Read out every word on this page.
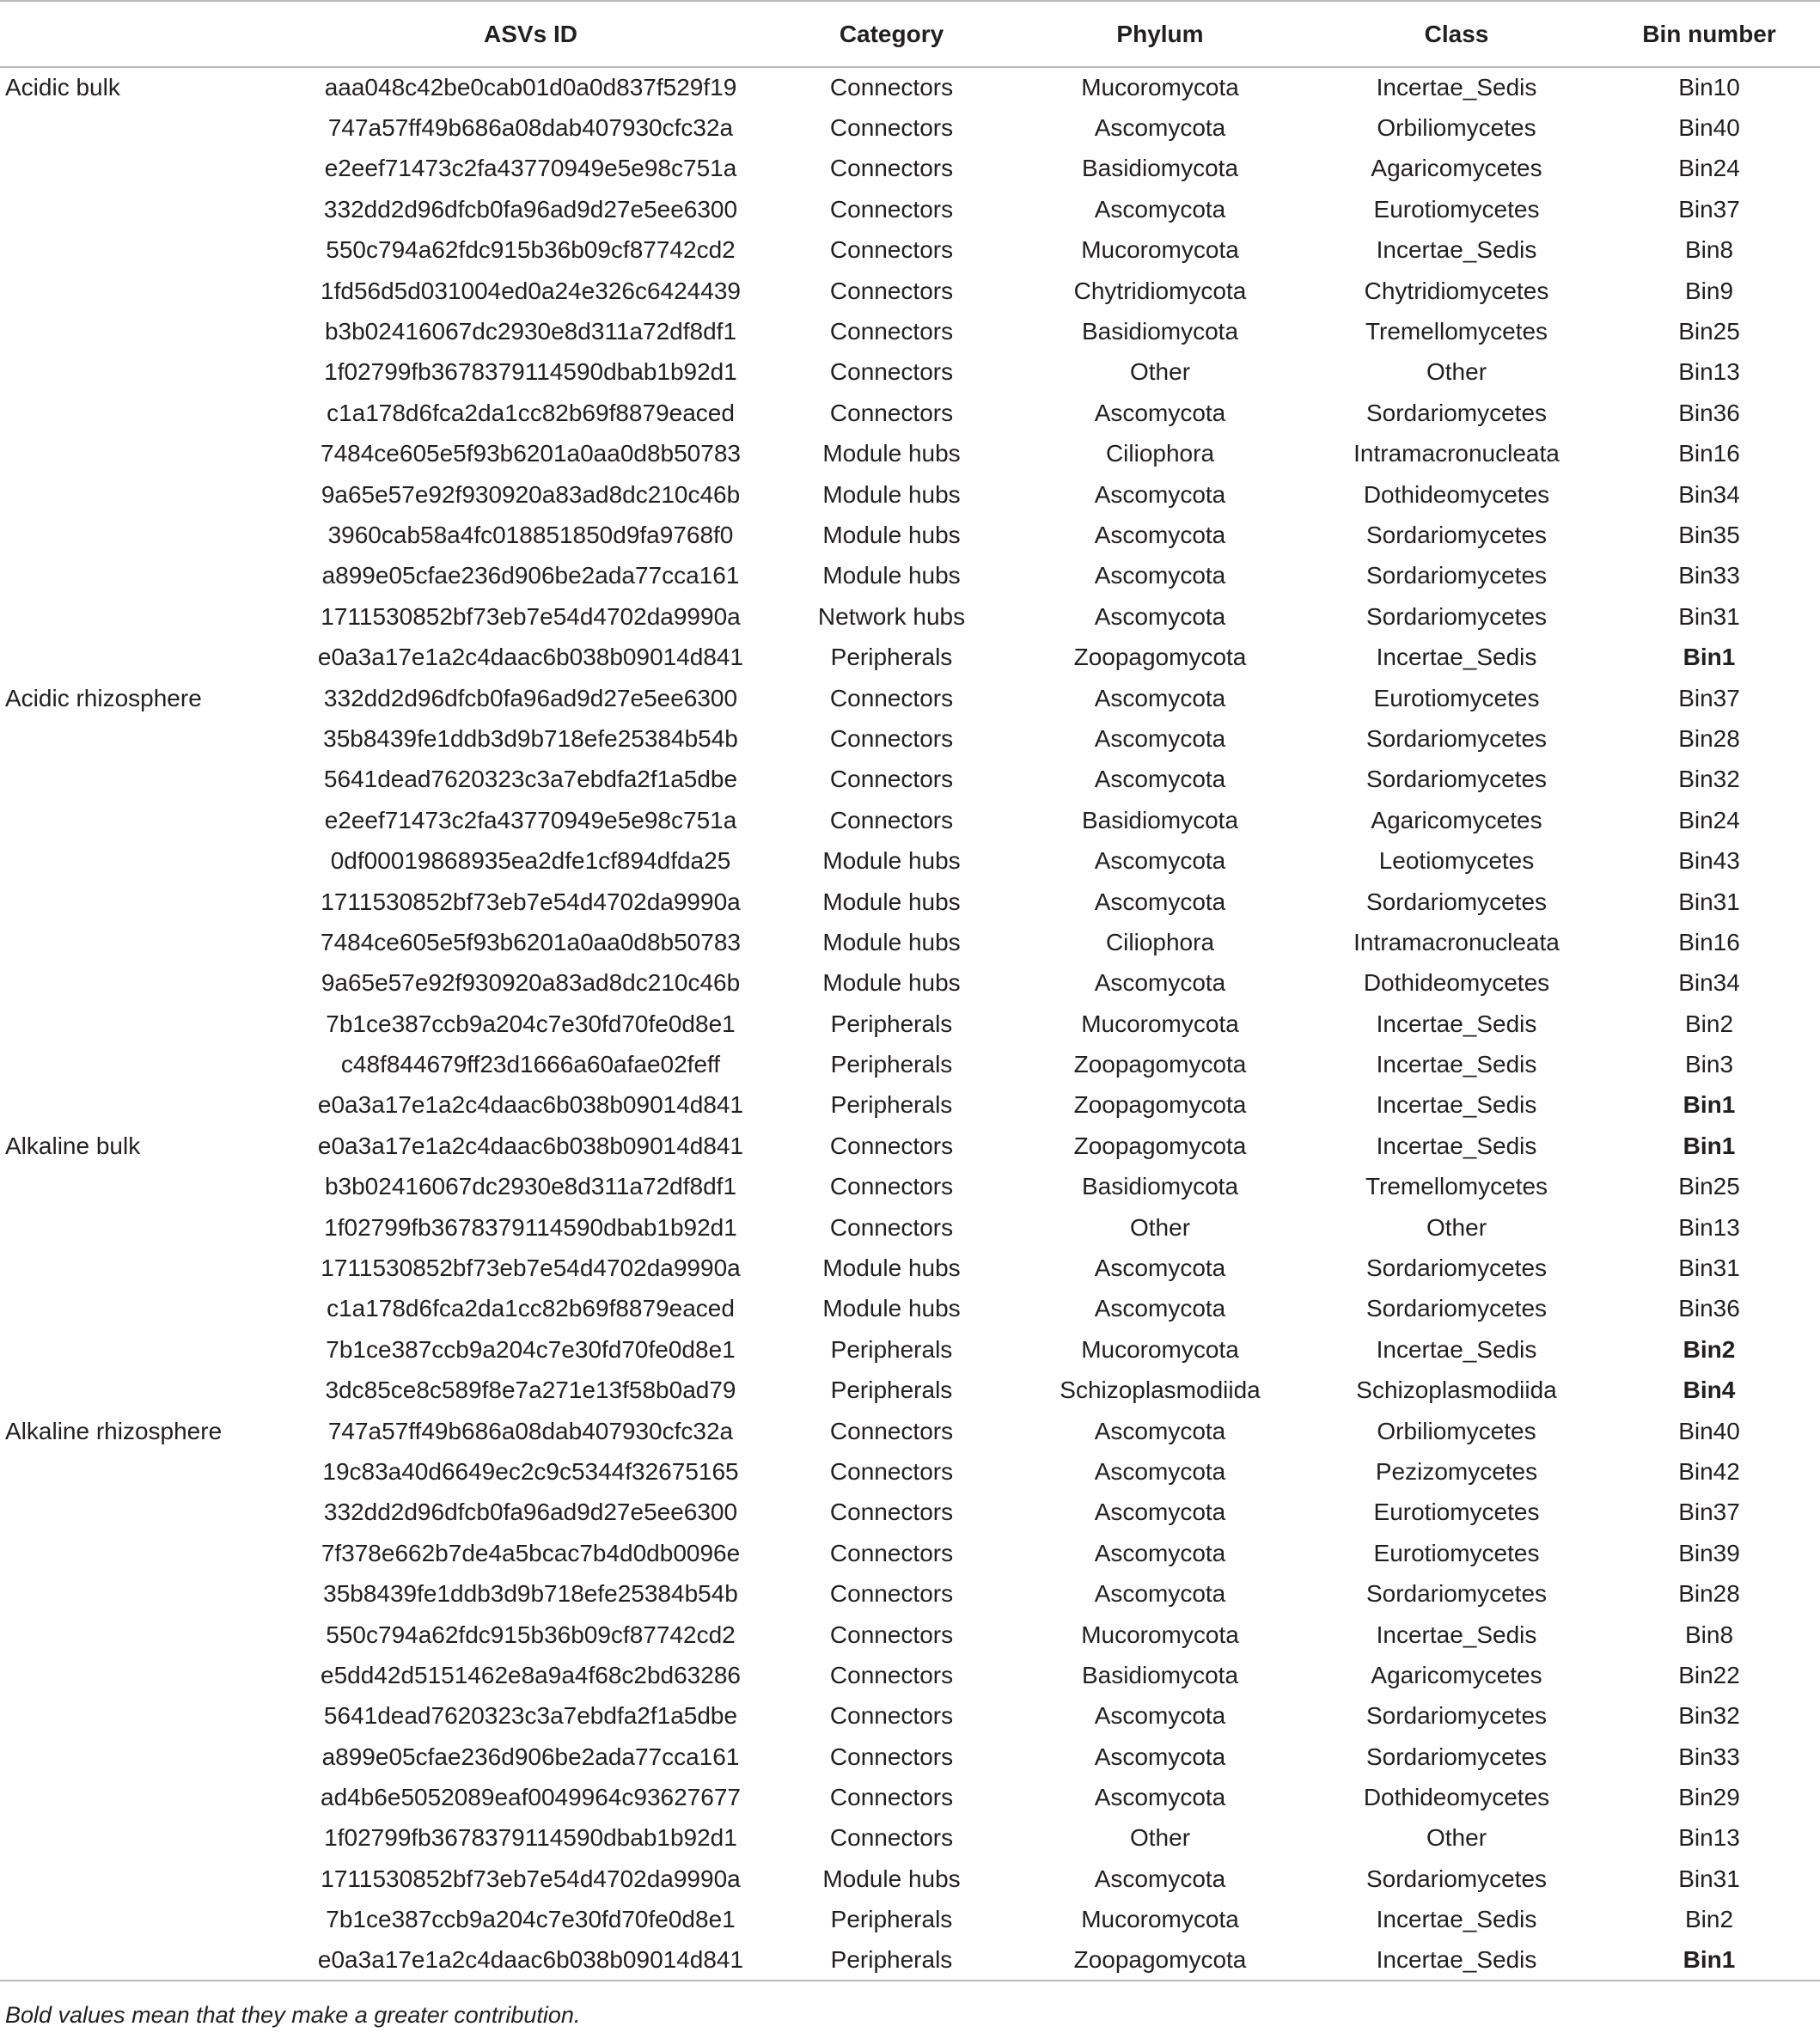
	ASVs ID	Category	Phylum	Class	Bin number
Acidic bulk	aaa048c42be0cab01d0a0d837f529f19	Connectors	Mucoromycota	Incertae_Sedis	Bin10
	747a57ff49b686a08dab407930cfc32a	Connectors	Ascomycota	Orbiliomycetes	Bin40
	e2eef71473c2fa43770949e5e98c751a	Connectors	Basidiomycota	Agaricomycetes	Bin24
	332dd2d96dfcb0fa96ad9d27e5ee6300	Connectors	Ascomycota	Eurotiomycetes	Bin37
	550c794a62fdc915b36b09cf87742cd2	Connectors	Mucoromycota	Incertae_Sedis	Bin8
	1fd56d5d031004ed0a24e326c6424439	Connectors	Chytridiomycota	Chytridiomycetes	Bin9
	b3b02416067dc2930e8d311a72df8df1	Connectors	Basidiomycota	Tremellomycetes	Bin25
	1f02799fb3678379114590dbab1b92d1	Connectors	Other	Other	Bin13
	c1a178d6fca2da1cc82b69f8879eaced	Connectors	Ascomycota	Sordariomycetes	Bin36
	7484ce605e5f93b6201a0aa0d8b50783	Module hubs	Ciliophora	Intramacronucleata	Bin16
	9a65e57e92f930920a83ad8dc210c46b	Module hubs	Ascomycota	Dothideomycetes	Bin34
	3960cab58a4fc018851850d9fa9768f0	Module hubs	Ascomycota	Sordariomycetes	Bin35
	a899e05cfae236d906be2ada77cca161	Module hubs	Ascomycota	Sordariomycetes	Bin33
	1711530852bf73eb7e54d4702da9990a	Network hubs	Ascomycota	Sordariomycetes	Bin31
	e0a3a17e1a2c4daac6b038b09014d841	Peripherals	Zoopagomycota	Incertae_Sedis	Bin1
Acidic rhizosphere	332dd2d96dfcb0fa96ad9d27e5ee6300	Connectors	Ascomycota	Eurotiomycetes	Bin37
	35b8439fe1ddb3d9b718efe25384b54b	Connectors	Ascomycota	Sordariomycetes	Bin28
	5641dead7620323c3a7ebdfa2f1a5dbe	Connectors	Ascomycota	Sordariomycetes	Bin32
	e2eef71473c2fa43770949e5e98c751a	Connectors	Basidiomycota	Agaricomycetes	Bin24
	0df00019868935ea2dfe1cf894dfda25	Module hubs	Ascomycota	Leotiomycetes	Bin43
	1711530852bf73eb7e54d4702da9990a	Module hubs	Ascomycota	Sordariomycetes	Bin31
	7484ce605e5f93b6201a0aa0d8b50783	Module hubs	Ciliophora	Intramacronucleata	Bin16
	9a65e57e92f930920a83ad8dc210c46b	Module hubs	Ascomycota	Dothideomycetes	Bin34
	7b1ce387ccb9a204c7e30fd70fe0d8e1	Peripherals	Mucoromycota	Incertae_Sedis	Bin2
	c48f844679ff23d1666a60afae02feff	Peripherals	Zoopagomycota	Incertae_Sedis	Bin3
	e0a3a17e1a2c4daac6b038b09014d841	Peripherals	Zoopagomycota	Incertae_Sedis	Bin1
Alkaline bulk	e0a3a17e1a2c4daac6b038b09014d841	Connectors	Zoopagomycota	Incertae_Sedis	Bin1
	b3b02416067dc2930e8d311a72df8df1	Connectors	Basidiomycota	Tremellomycetes	Bin25
	1f02799fb3678379114590dbab1b92d1	Connectors	Other	Other	Bin13
	1711530852bf73eb7e54d4702da9990a	Module hubs	Ascomycota	Sordariomycetes	Bin31
	c1a178d6fca2da1cc82b69f8879eaced	Module hubs	Ascomycota	Sordariomycetes	Bin36
	7b1ce387ccb9a204c7e30fd70fe0d8e1	Peripherals	Mucoromycota	Incertae_Sedis	Bin2
	3dc85ce8c589f8e7a271e13f58b0ad79	Peripherals	Schizoplasmodiida	Schizoplasmodiida	Bin4
Alkaline rhizosphere	747a57ff49b686a08dab407930cfc32a	Connectors	Ascomycota	Orbiliomycetes	Bin40
	19c83a40d6649ec2c9c5344f32675165	Connectors	Ascomycota	Pezizomycetes	Bin42
	332dd2d96dfcb0fa96ad9d27e5ee6300	Connectors	Ascomycota	Eurotiomycetes	Bin37
	7f378e662b7de4a5bcac7b4d0db0096e	Connectors	Ascomycota	Eurotiomycetes	Bin39
	35b8439fe1ddb3d9b718efe25384b54b	Connectors	Ascomycota	Sordariomycetes	Bin28
	550c794a62fdc915b36b09cf87742cd2	Connectors	Mucoromycota	Incertae_Sedis	Bin8
	e5dd42d5151462e8a9a4f68c2bd63286	Connectors	Basidiomycota	Agaricomycetes	Bin22
	5641dead7620323c3a7ebdfa2f1a5dbe	Connectors	Ascomycota	Sordariomycetes	Bin32
	a899e05cfae236d906be2ada77cca161	Connectors	Ascomycota	Sordariomycetes	Bin33
	ad4b6e5052089eaf0049964c93627677	Connectors	Ascomycota	Dothideomycetes	Bin29
	1f02799fb3678379114590dbab1b92d1	Connectors	Other	Other	Bin13
	1711530852bf73eb7e54d4702da9990a	Module hubs	Ascomycota	Sordariomycetes	Bin31
	7b1ce387ccb9a204c7e30fd70fe0d8e1	Peripherals	Mucoromycota	Incertae_Sedis	Bin2
	e0a3a17e1a2c4daac6b038b09014d841	Peripherals	Zoopagomycota	Incertae_Sedis	Bin1
Bold values mean that they make a greater contribution.
